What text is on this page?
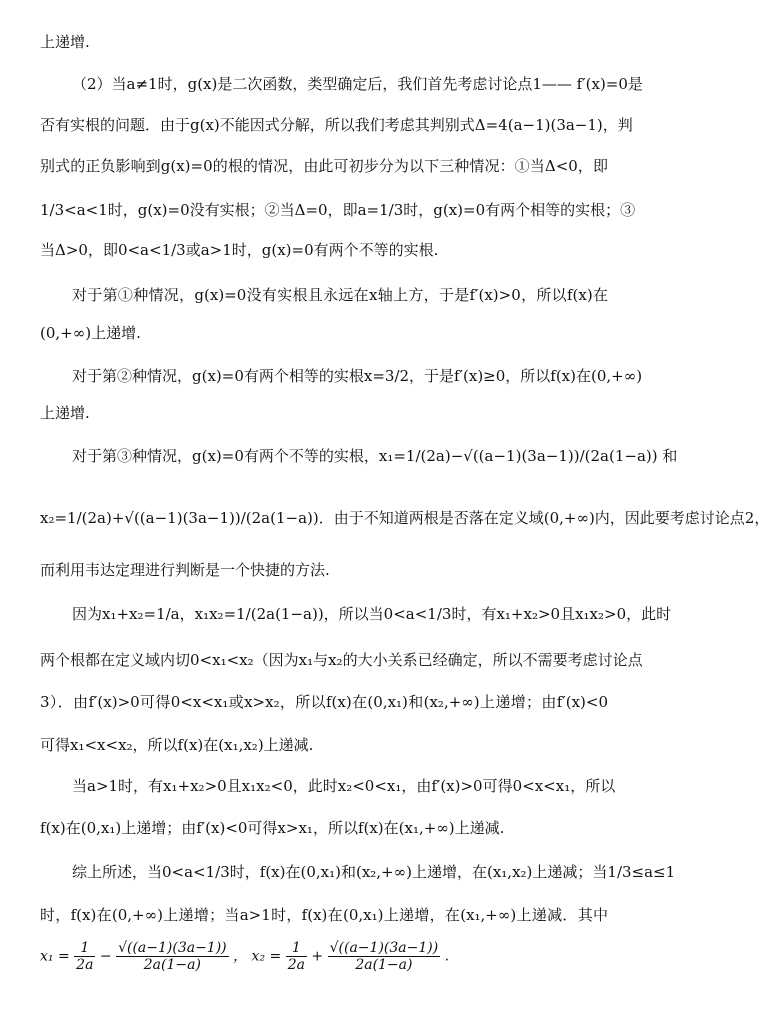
上递增.
（2）当a≠1时，g(x)是二次函数，类型确定后，我们首先考虑讨论点1—— f′(x)=0是
否有实根的问题．由于g(x)不能因式分解，所以我们考虑其判别式Δ=4(a−1)(3a−1)，判
别式的正负影响到g(x)=0的根的情况，由此可初步分为以下三种情况：①当Δ<0，即
1/3<a<1时，g(x)=0没有实根；②当Δ=0，即a=1/3时，g(x)=0有两个相等的实根；③
当Δ>0，即0<a<1/3或a>1时，g(x)=0有两个不等的实根.
对于第①种情况，g(x)=0没有实根且永远在x轴上方，于是f′(x)>0，所以f(x)在
(0,+∞)上递增.
对于第②种情况，g(x)=0有两个相等的实根x=3/2，于是f′(x)≥0，所以f(x)在(0,+∞)
上递增.
对于第③种情况，g(x)=0有两个不等的实根，x₁=1/(2a)−√((a−1)(3a−1))/(2a(1−a)) 和
x₂=1/(2a)+√((a−1)(3a−1))/(2a(1−a))．由于不知道两根是否落在定义域(0,+∞)内，因此要考虑讨论点2，
而利用韦达定理进行判断是一个快捷的方法.
因为x₁+x₂=1/a，x₁x₂=1/(2a(1−a))，所以当0<a<1/3时，有x₁+x₂>0且x₁x₂>0，此时
两个根都在定义域内切0<x₁<x₂（因为x₁与x₂的大小关系已经确定，所以不需要考虑讨论点
3）．由f′(x)>0可得0<x<x₁或x>x₂，所以f(x)在(0,x₁)和(x₂,+∞)上递增；由f′(x)<0
可得x₁<x<x₂，所以f(x)在(x₁,x₂)上递减.
当a>1时，有x₁+x₂>0且x₁x₂<0，此时x₂<0<x₁，由f′(x)>0可得0<x<x₁，所以
f(x)在(0,x₁)上递增；由f′(x)<0可得x>x₁，所以f(x)在(x₁,+∞)上递减.
综上所述，当0<a<1/3时，f(x)在(0,x₁)和(x₂,+∞)上递增，在(x₁,x₂)上递减；当1/3≤a≤1
时，f(x)在(0,+∞)上递增；当a>1时，f(x)在(0,x₁)上递增，在(x₁,+∞)上递减．其中
$x_1 = \frac{1}{2a} - \frac{√((a-1)(3a-1))}{2a(1-a)}$ ， $x_2 = \frac{1}{2a} + \frac{√((a-1)(3a-1))}{2a(1-a)}$ .
